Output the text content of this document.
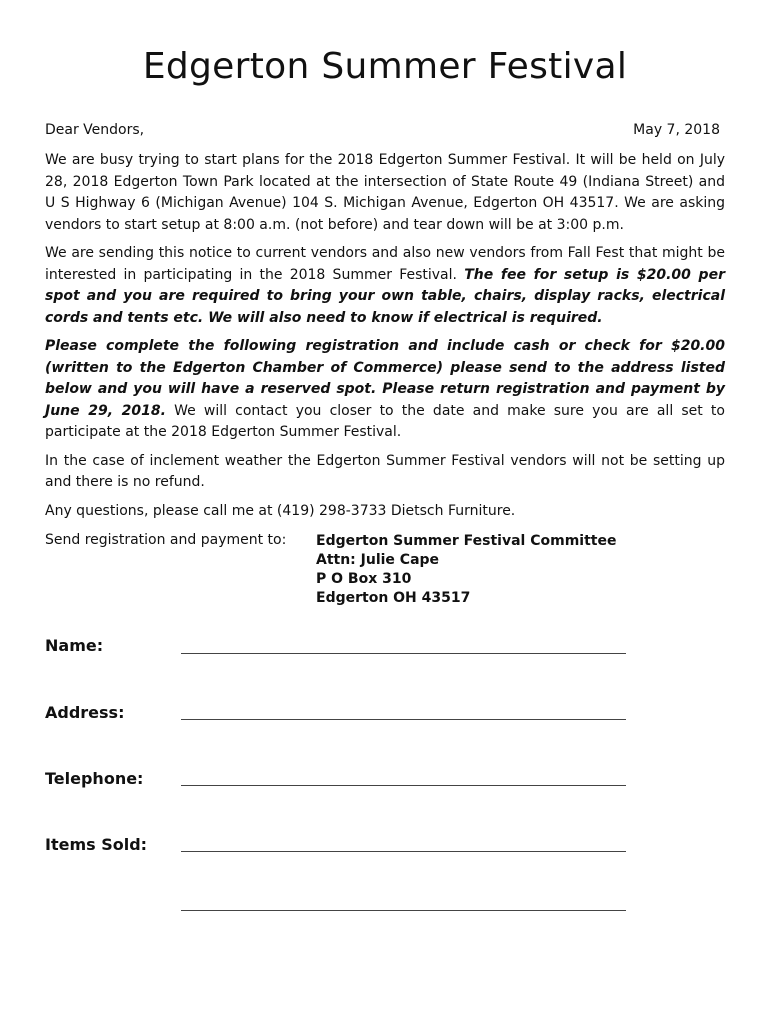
Edgerton Summer Festival
Dear Vendors,	May 7, 2018

We are busy trying to start plans for the 2018 Edgerton Summer Festival. It will be held on July 28, 2018 Edgerton Town Park located at the intersection of State Route 49 (Indiana Street) and U S Highway 6 (Michigan Avenue) 104 S. Michigan Avenue, Edgerton OH 43517. We are asking vendors to start setup at 8:00 a.m. (not before) and tear down will be at 3:00 p.m.

We are sending this notice to current vendors and also new vendors from Fall Fest that might be interested in participating in the 2018 Summer Festival. The fee for setup is $20.00 per spot and you are required to bring your own table, chairs, display racks, electrical cords and tents etc. We will also need to know if electrical is required.

Please complete the following registration and include cash or check for $20.00 (written to the Edgerton Chamber of Commerce) please send to the address listed below and you will have a reserved spot. Please return registration and payment by June 29, 2018. We will contact you closer to the date and make sure you are all set to participate at the 2018 Edgerton Summer Festival.

In the case of inclement weather the Edgerton Summer Festival vendors will not be setting up and there is no refund.

Any questions, please call me at (419) 298-3733 Dietsch Furniture.

Send registration and payment to: Edgerton Summer Festival Committee
Attn: Julie Cape
P O Box 310
Edgerton OH 43517
Name:
Address:
Telephone:
Items Sold:
